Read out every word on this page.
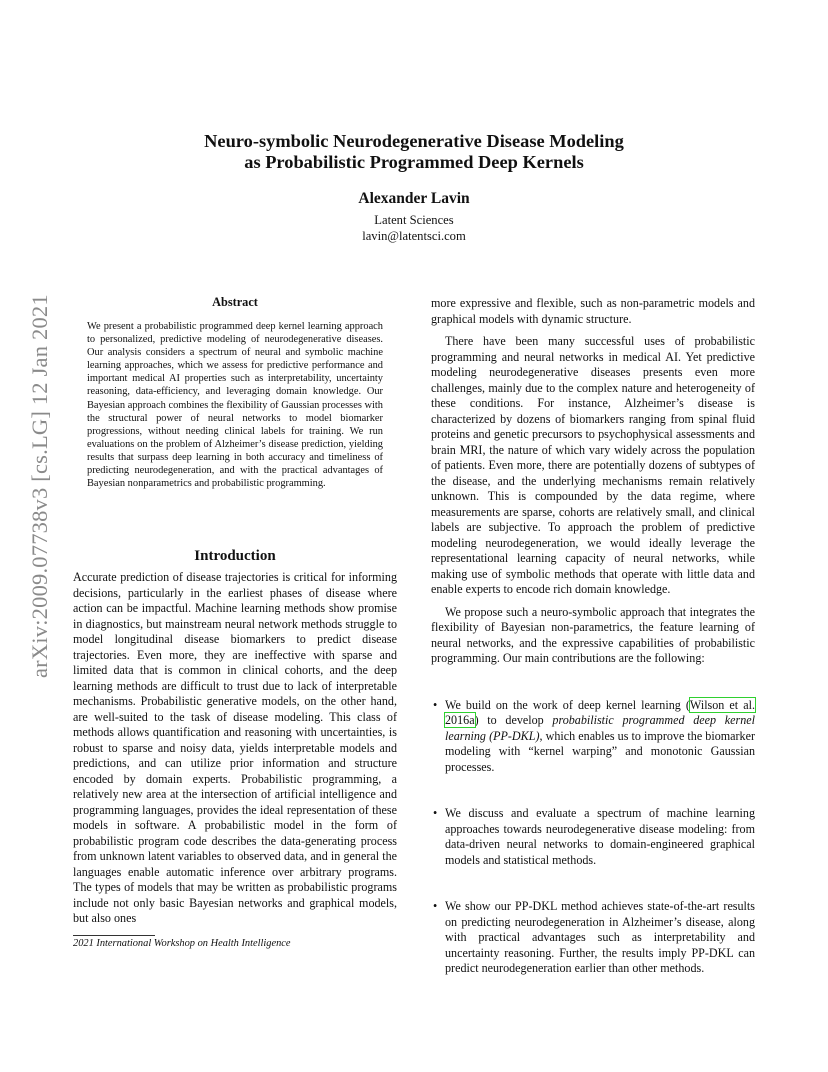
Neuro-symbolic Neurodegenerative Disease Modeling
as Probabilistic Programmed Deep Kernels
Alexander Lavin
Latent Sciences
lavin@latentsci.com
arXiv:2009.07738v3 [cs.LG] 12 Jan 2021	Abstract
We present a probabilistic programmed deep kernel learning approach to personalized, predictive modeling of neurodegenerative diseases. Our analysis considers a spectrum of neural and symbolic machine learning approaches, which we assess for predictive performance and important medical AI properties such as interpretability, uncertainty reasoning, data-efficiency, and leveraging domain knowledge. Our Bayesian approach combines the flexibility of Gaussian processes with the structural power of neural networks to model biomarker progressions, without needing clinical labels for training. We run evaluations on the problem of Alzheimer’s disease prediction, yielding results that surpass deep learning in both accuracy and timeliness of predicting neurodegeneration, and with the practical advantages of Bayesian nonparametrics and probabilistic programming.
Introduction

Accurate prediction of disease trajectories is critical for informing decisions, particularly in the earliest phases of disease where action can be impactful. Machine learning methods show promise in diagnostics, but mainstream neural network methods struggle to model longitudinal disease biomarkers to predict disease trajectories. Even more, they are ineffective with sparse and limited data that is common in clinical cohorts, and the deep learning methods are difficult to trust due to lack of interpretable mechanisms. Probabilistic generative models, on the other hand, are well-suited to the task of disease modeling. This class of methods allows quantification and reasoning with uncertainties, is robust to sparse and noisy data, yields interpretable models and predictions, and can utilize prior information and structure encoded by domain experts. Probabilistic programming, a relatively new area at the intersection of artificial intelligence and programming languages, provides the ideal representation of these models in software. A probabilistic model in the form of probabilistic program code describes the data-generating process from unknown latent variables to observed data, and in general the languages enable automatic inference over arbitrary programs. The types of models that may be written as probabilistic programs include not only basic Bayesian networks and graphical models, but also ones

2021 International Workshop on Health Intelligence

more expressive and flexible, such as non-parametric models and graphical models with dynamic structure.

There have been many successful uses of probabilistic programming and neural networks in medical AI. Yet predictive modeling neurodegenerative diseases presents even more challenges, mainly due to the complex nature and heterogeneity of these conditions. For instance, Alzheimer’s disease is characterized by dozens of biomarkers ranging from spinal fluid proteins and genetic precursors to psychophysical assessments and brain MRI, the nature of which vary widely across the population of patients. Even more, there are potentially dozens of subtypes of the disease, and the underlying mechanisms remain relatively unknown. This is compounded by the data regime, where measurements are sparse, cohorts are relatively small, and clinical labels are subjective. To approach the problem of predictive modeling neurodegeneration, we would ideally leverage the representational learning capacity of neural networks, while making use of symbolic methods that operate with little data and enable experts to encode rich domain knowledge.

We propose such a neuro-symbolic approach that integrates the flexibility of Bayesian non-parametrics, the feature learning of neural networks, and the expressive capabilities of probabilistic programming. Our main contributions are the following:

• We build on the work of deep kernel learning (Wilson et al. 2016a) to develop probabilistic programmed deep kernel learning (PP-DKL), which enables us to improve the biomarker modeling with “kernel warping” and monotonic Gaussian processes.
• We discuss and evaluate a spectrum of machine learning approaches towards neurodegenerative disease modeling: from data-driven neural networks to domain-engineered graphical models and statistical methods.
• We show our PP-DKL method achieves state-of-the-art results on predicting neurodegeneration in Alzheimer’s disease, along with practical advantages such as interpretability and uncertainty reasoning. Further, the results imply PP-DKL can predict neurodegeneration earlier than other methods.
